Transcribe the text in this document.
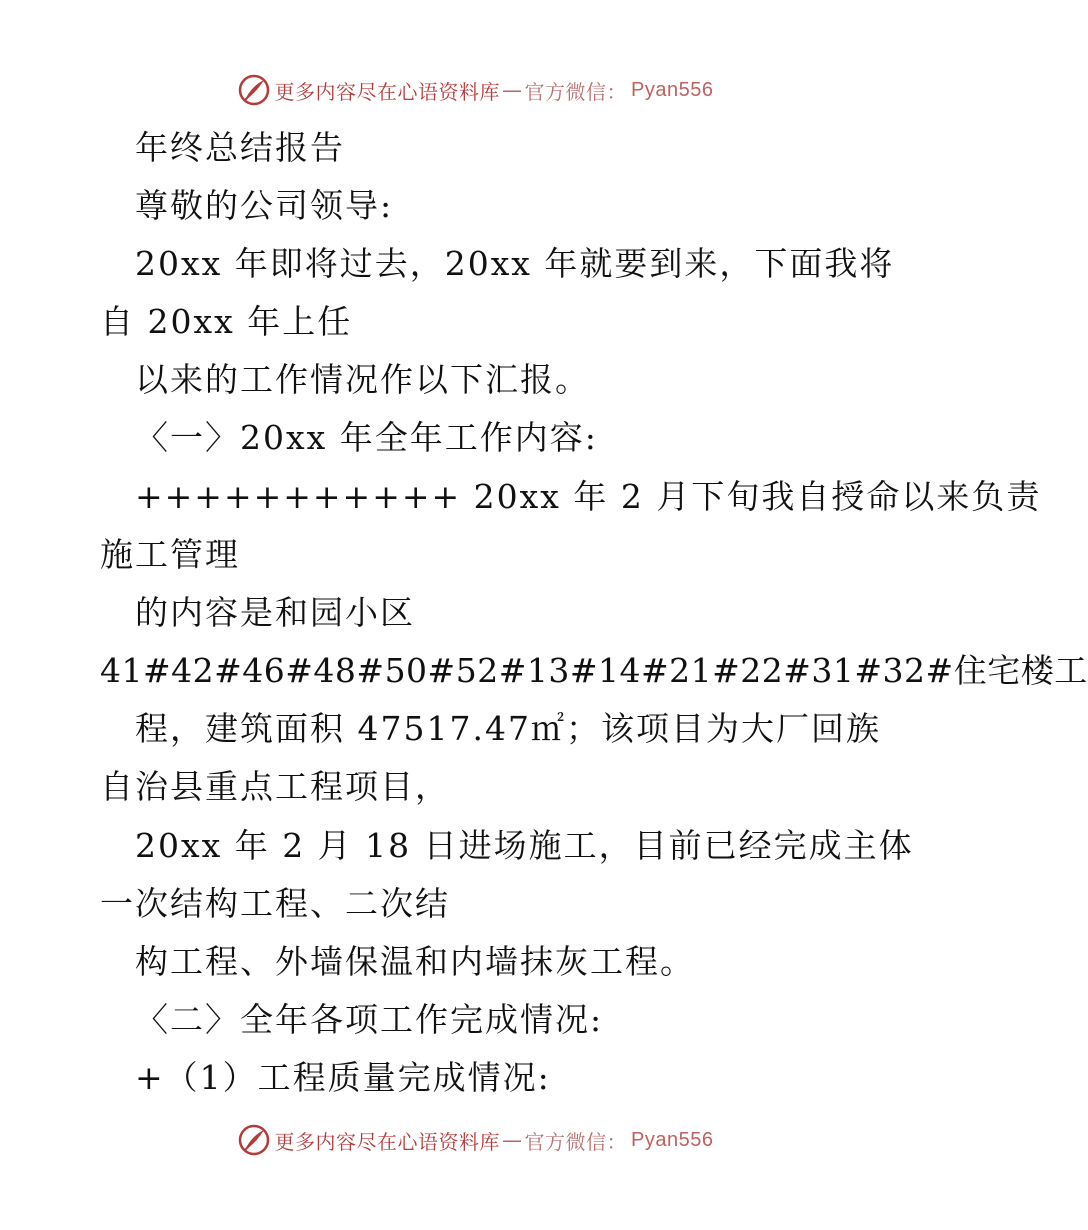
更多内容尽在心语资料库 — 官方微信： Pyan556
年终总结报告
尊敬的公司领导:
20xx 年即将过去，20xx 年就要到来，下面我将
自 20xx 年上任
以来的工作情况作以下汇报。
〈一〉20xx 年全年工作内容:
+++++++++++ 20xx 年 2 月下旬我自授命以来负责
施工管理
的内容是和园小区
41#42#46#48#50#52#13#14#21#22#31#32#住宅楼工
程，建筑面积 47517.47㎡；该项目为大厂回族
自治县重点工程项目，
20xx 年 2 月 18 日进场施工，目前已经完成主体
一次结构工程、二次结
构工程、外墙保温和内墙抹灰工程。
〈二〉全年各项工作完成情况:
+（1）工程质量完成情况:
更多内容尽在心语资料库 — 官方微信： Pyan556
